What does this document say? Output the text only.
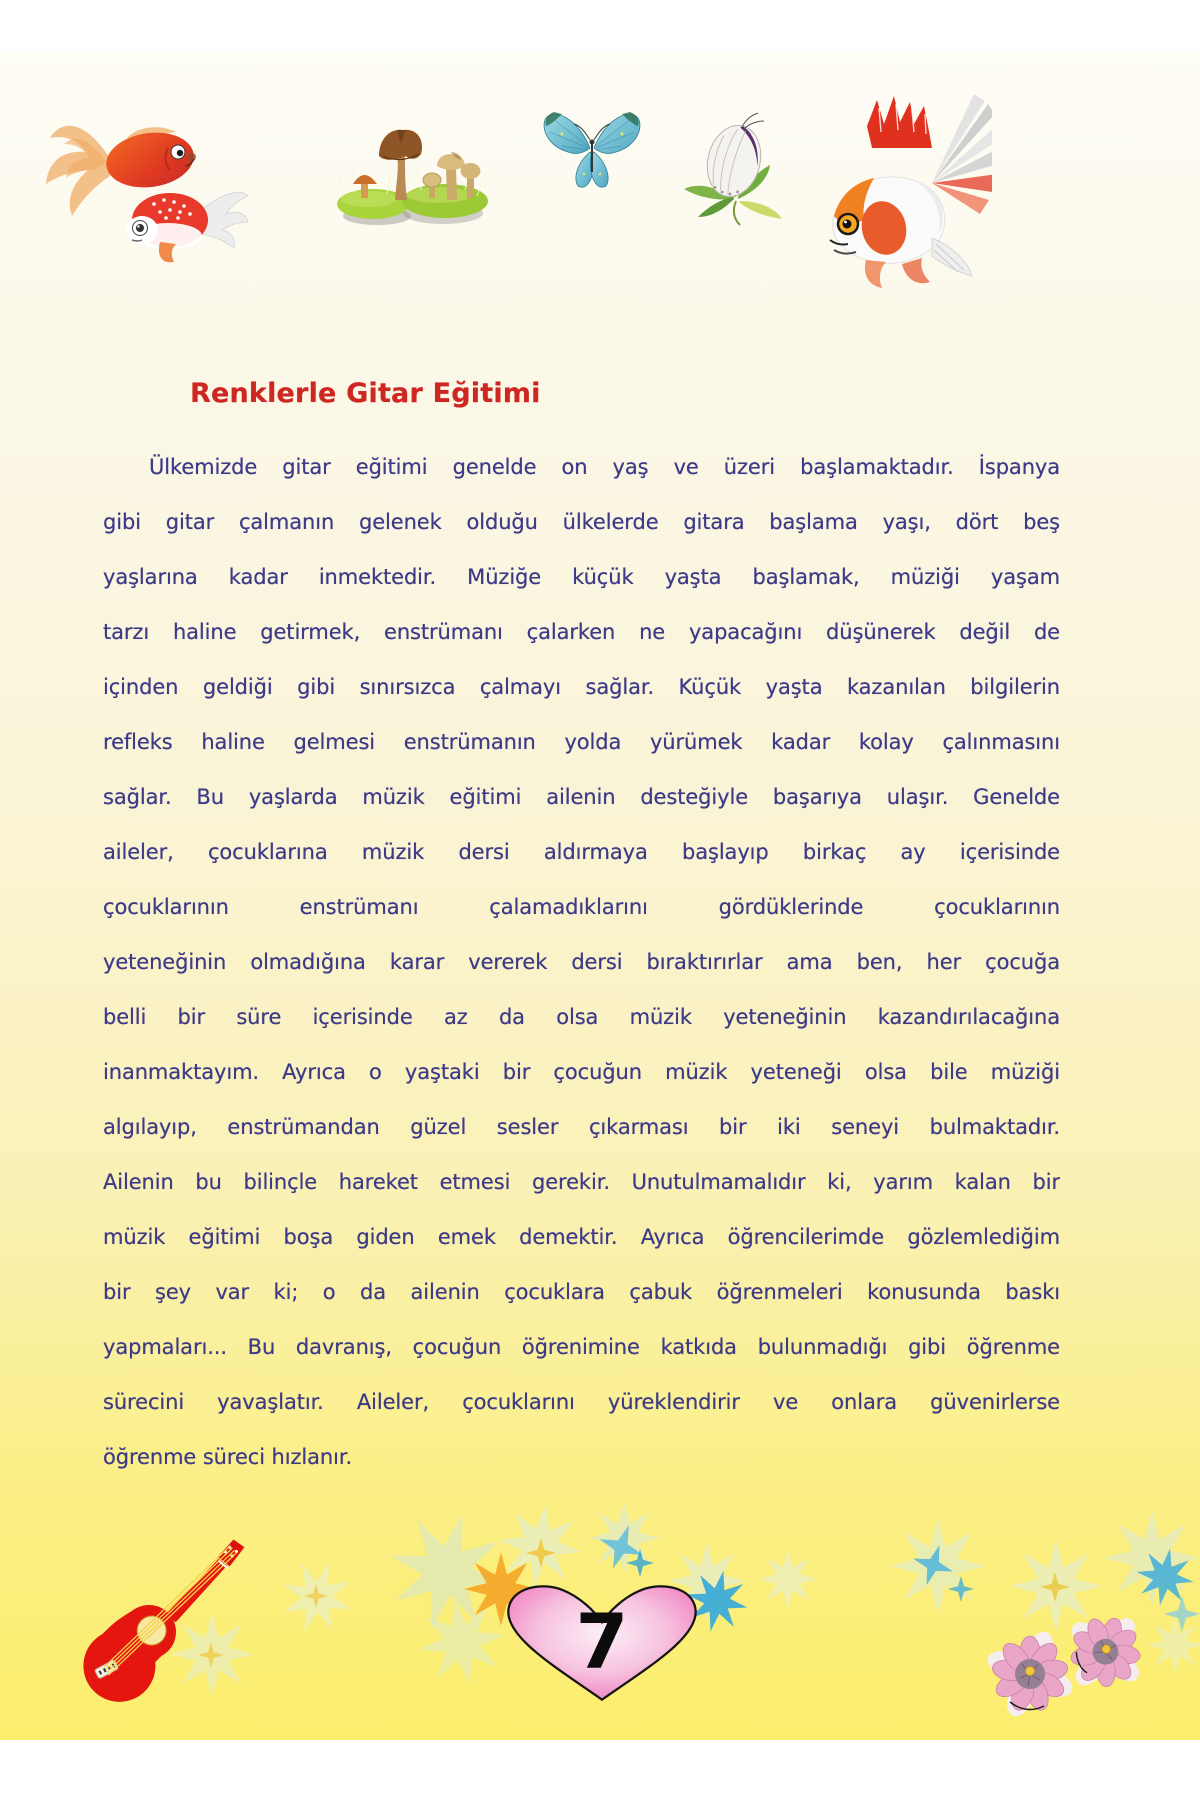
7
Renklerle Gitar Eğitimi
Ülkemizde gitar eğitimi genelde on yaş ve üzeri başlamaktadır. İspanya
gibi gitar çalmanın gelenek olduğu ülkelerde gitara başlama yaşı, dört beş
yaşlarına kadar inmektedir. Müziğe küçük yaşta başlamak, müziği yaşam
tarzı haline getirmek, enstrümanı çalarken ne yapacağını düşünerek değil de
içinden geldiği gibi sınırsızca çalmayı sağlar. Küçük yaşta kazanılan bilgilerin
refleks haline gelmesi enstrümanın yolda yürümek kadar kolay çalınmasını
sağlar. Bu yaşlarda müzik eğitimi ailenin desteğiyle başarıya ulaşır. Genelde
aileler, çocuklarına müzik dersi aldırmaya başlayıp birkaç ay içerisinde
çocuklarının enstrümanı çalamadıklarını gördüklerinde çocuklarının
yeteneğinin olmadığına karar vererek dersi bıraktırırlar ama ben, her çocuğa
belli bir süre içerisinde az da olsa müzik yeteneğinin kazandırılacağına
inanmaktayım. Ayrıca o yaştaki bir çocuğun müzik yeteneği olsa bile müziği
algılayıp, enstrümandan güzel sesler çıkarması bir iki seneyi bulmaktadır.
Ailenin bu bilinçle hareket etmesi gerekir. Unutulmamalıdır ki, yarım kalan bir
müzik eğitimi boşa giden emek demektir. Ayrıca öğrencilerimde gözlemlediğim
bir şey var ki; o da ailenin çocuklara çabuk öğrenmeleri konusunda baskı
yapmaları... Bu davranış, çocuğun öğrenimine katkıda bulunmadığı gibi öğrenme
sürecini yavaşlatır. Aileler, çocuklarını yüreklendirir ve onlara güvenirlerse
öğrenme süreci hızlanır.
